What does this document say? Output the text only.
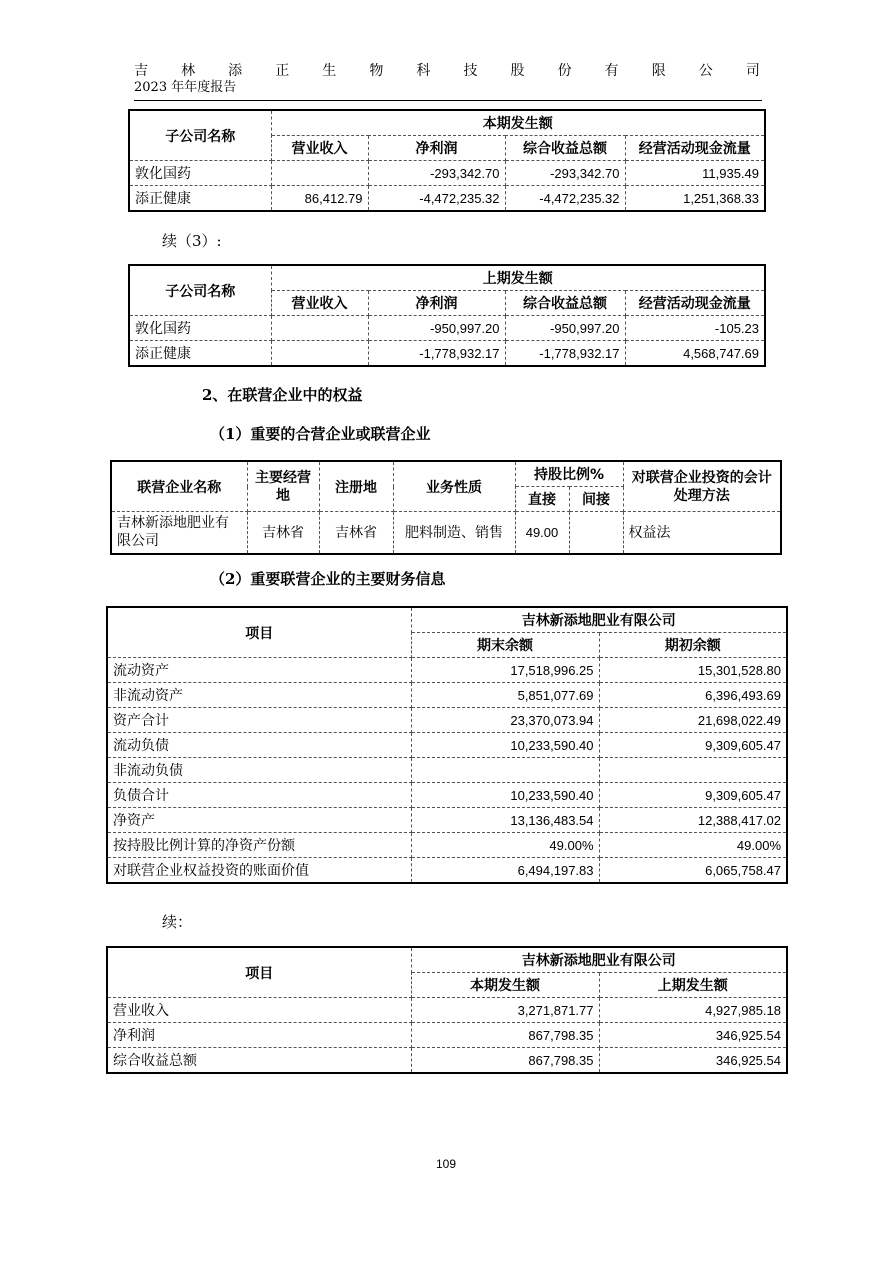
吉 林 添 正 生 物 科 技 股 份 有 限 公 司
2023 年年度报告
子公司名称	本期发生额			
	营业收入	净利润	综合收益总额	经营活动现金流量
敦化国药		-293,342.70	-293,342.70	11,935.49
添正健康	86,412.79	-4,472,235.32	-4,472,235.32	1,251,368.33
续（3）:
子公司名称	上期发生额			
	营业收入	净利润	综合收益总额	经营活动现金流量
敦化国药		-950,997.20	-950,997.20	-105.23
添正健康		-1,778,932.17	-1,778,932.17	4,568,747.69
2、在联营企业中的权益
（1）重要的合营企业或联营企业
联营企业名称	主要经营地	注册地	业务性质	持股比例%		对联营企业投资的会计处理方法
				直接	间接	
吉林新添地肥业有限公司	吉林省	吉林省	肥料制造、销售	49.00		权益法
（2）重要联营企业的主要财务信息
项目	吉林新添地肥业有限公司	
	期末余额	期初余额
流动资产	17,518,996.25	15,301,528.80
非流动资产	5,851,077.69	6,396,493.69
资产合计	23,370,073.94	21,698,022.49
流动负债	10,233,590.40	9,309,605.47
非流动负债		
负债合计	10,233,590.40	9,309,605.47
净资产	13,136,483.54	12,388,417.02
按持股比例计算的净资产份额	49.00%	49.00%
对联营企业权益投资的账面价值	6,494,197.83	6,065,758.47
续：
项目	吉林新添地肥业有限公司	
	本期发生额	上期发生额
营业收入	3,271,871.77	4,927,985.18
净利润	867,798.35	346,925.54
综合收益总额	867,798.35	346,925.54
109
